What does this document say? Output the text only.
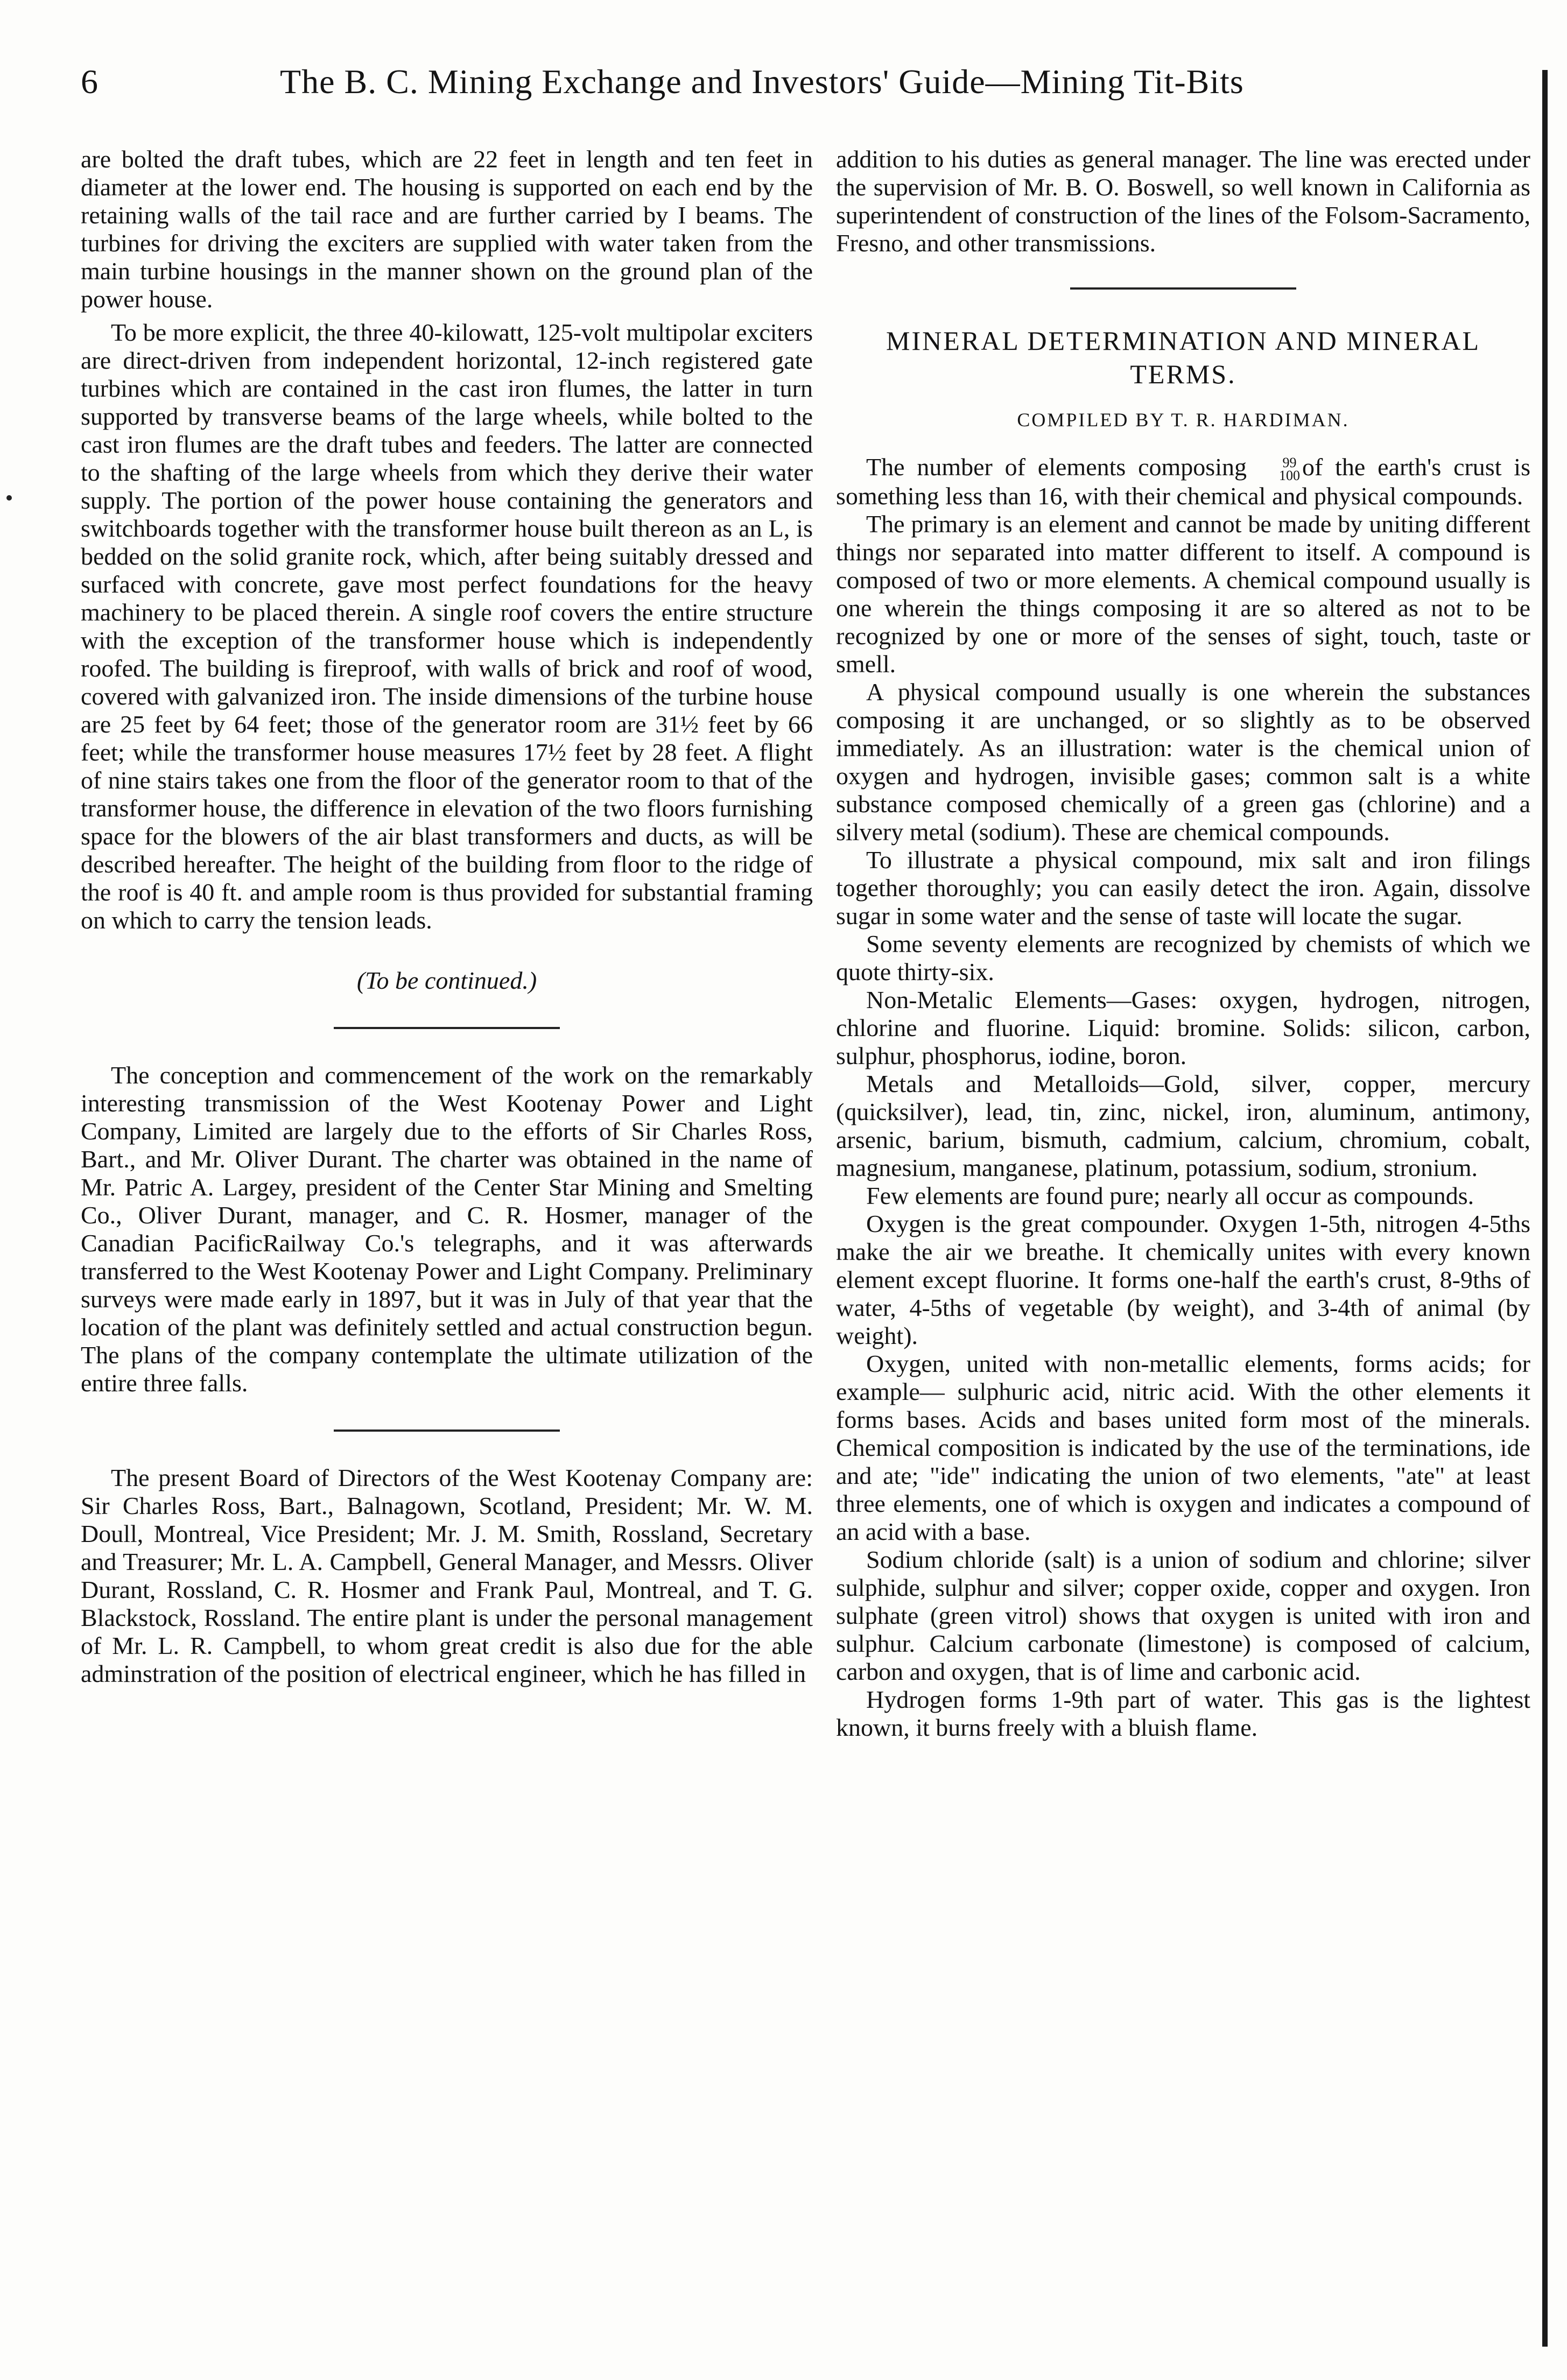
6	The B. C. Mining Exchange and Investors' Guide—Mining Tit-Bits

are bolted the draft tubes, which are 22 feet in length and ten feet in diameter at the lower end. The housing is supported on each end by the retaining walls of the tail race and are further carried by I beams. The turbines for driving the exciters are supplied with water taken from the main turbine housings in the manner shown on the ground plan of the power house.

To be more explicit, the three 40-kilowatt, 125-volt multipolar exciters are direct-driven from independent horizontal, 12-inch registered gate turbines which are contained in the cast iron flumes, the latter in turn supported by transverse beams of the large wheels, while bolted to the cast iron flumes are the draft tubes and feeders. The latter are connected to the shafting of the large wheels from which they derive their water supply. The portion of the power house containing the generators and switchboards together with the transformer house built thereon as an L, is bedded on the solid granite rock, which, after being suitably dressed and surfaced with concrete, gave most perfect foundations for the heavy machinery to be placed therein. A single roof covers the entire structure with the exception of the transformer house which is independently roofed. The building is fireproof, with walls of brick and roof of wood, covered with galvanized iron. The inside dimensions of the turbine house are 25 feet by 64 feet; those of the generator room are 31½ feet by 66 feet; while the transformer house measures 17½ feet by 28 feet. A flight of nine stairs takes one from the floor of the generator room to that of the transformer house, the difference in elevation of the two floors furnishing space for the blowers of the air blast transformers and ducts, as will be described hereafter. The height of the building from floor to the ridge of the roof is 40 ft. and ample room is thus provided for substantial framing on which to carry the tension leads.

(To be continued.)

The conception and commencement of the work on the remarkably interesting transmission of the West Kootenay Power and Light Company, Limited are largely due to the efforts of Sir Charles Ross, Bart., and Mr. Oliver Durant. The charter was obtained in the name of Mr. Patric A. Largey, president of the Center Star Mining and Smelting Co., Oliver Durant, manager, and C. R. Hosmer, manager of the Canadian PacificRailway Co.'s telegraphs, and it was afterwards transferred to the West Kootenay Power and Light Company. Preliminary surveys were made early in 1897, but it was in July of that year that the location of the plant was definitely settled and actual construction begun. The plans of the company contemplate the ultimate utilization of the entire three falls.

The present Board of Directors of the West Kootenay Company are: Sir Charles Ross, Bart., Balnagown, Scotland, President; Mr. W. M. Doull, Montreal, Vice President; Mr. J. M. Smith, Rossland, Secretary and Treasurer; Mr. L. A. Campbell, General Manager, and Messrs. Oliver Durant, Rossland, C. R. Hosmer and Frank Paul, Montreal, and T. G. Blackstock, Rossland. The entire plant is under the personal management of Mr. L. R. Campbell, to whom great credit is also due for the able adminstration of the position of electrical engineer, which he has filled in

addition to his duties as general manager. The line was erected under the supervision of Mr. B. O. Boswell, so well known in California as superintendent of construction of the lines of the Folsom-Sacramento, Fresno, and other transmissions.

MINERAL DETERMINATION AND MINERAL TERMS.
COMPILED BY T. R. HARDIMAN.

The number of elements composing	99
100 of the earth's crust is something less than 16, with their chemical and physical compounds.

The primary is an element and cannot be made by uniting different things nor separated into matter different to itself. A compound is composed of two or more elements. A chemical compound usually is one wherein the things composing it are so altered as not to be recognized by one or more of the senses of sight, touch, taste or smell.

A physical compound usually is one wherein the substances composing it are unchanged, or so slightly as to be observed immediately. As an illustration: water is the chemical union of oxygen and hydrogen, invisible gases; common salt is a white substance composed chemically of a green gas (chlorine) and a silvery metal (sodium). These are chemical compounds.

To illustrate a physical compound, mix salt and iron filings together thoroughly; you can easily detect the iron. Again, dissolve sugar in some water and the sense of taste will locate the sugar.

Some seventy elements are recognized by chemists of which we quote thirty-six.

Non-Metalic Elements—Gases: oxygen, hydrogen, nitrogen, chlorine and fluorine. Liquid: bromine. Solids: silicon, carbon, sulphur, phosphorus, iodine, boron.

Metals and Metalloids—Gold, silver, copper, mercury (quicksilver), lead, tin, zinc, nickel, iron, aluminum, antimony, arsenic, barium, bismuth, cadmium, calcium, chromium, cobalt, magnesium, manganese, platinum, potassium, sodium, stronium.

Few elements are found pure; nearly all occur as compounds.

Oxygen is the great compounder. Oxygen 1-5th, nitrogen 4-5ths make the air we breathe. It chemically unites with every known element except fluorine. It forms one-half the earth's crust, 8-9ths of water, 4-5ths of vegetable (by weight), and 3-4th of animal (by weight).

Oxygen, united with non-metallic elements, forms acids; for example— sulphuric acid, nitric acid. With the other elements it forms bases. Acids and bases united form most of the minerals. Chemical composition is indicated by the use of the terminations, ide and ate; "ide" indicating the union of two elements, "ate" at least three elements, one of which is oxygen and indicates a compound of an acid with a base.

Sodium chloride (salt) is a union of sodium and chlorine; silver sulphide, sulphur and silver; copper oxide, copper and oxygen. Iron sulphate (green vitrol) shows that oxygen is united with iron and sulphur. Calcium carbonate (limestone) is composed of calcium, carbon and oxygen, that is of lime and carbonic acid.

Hydrogen forms 1-9th part of water. This gas is the lightest known, it burns freely with a bluish flame.
